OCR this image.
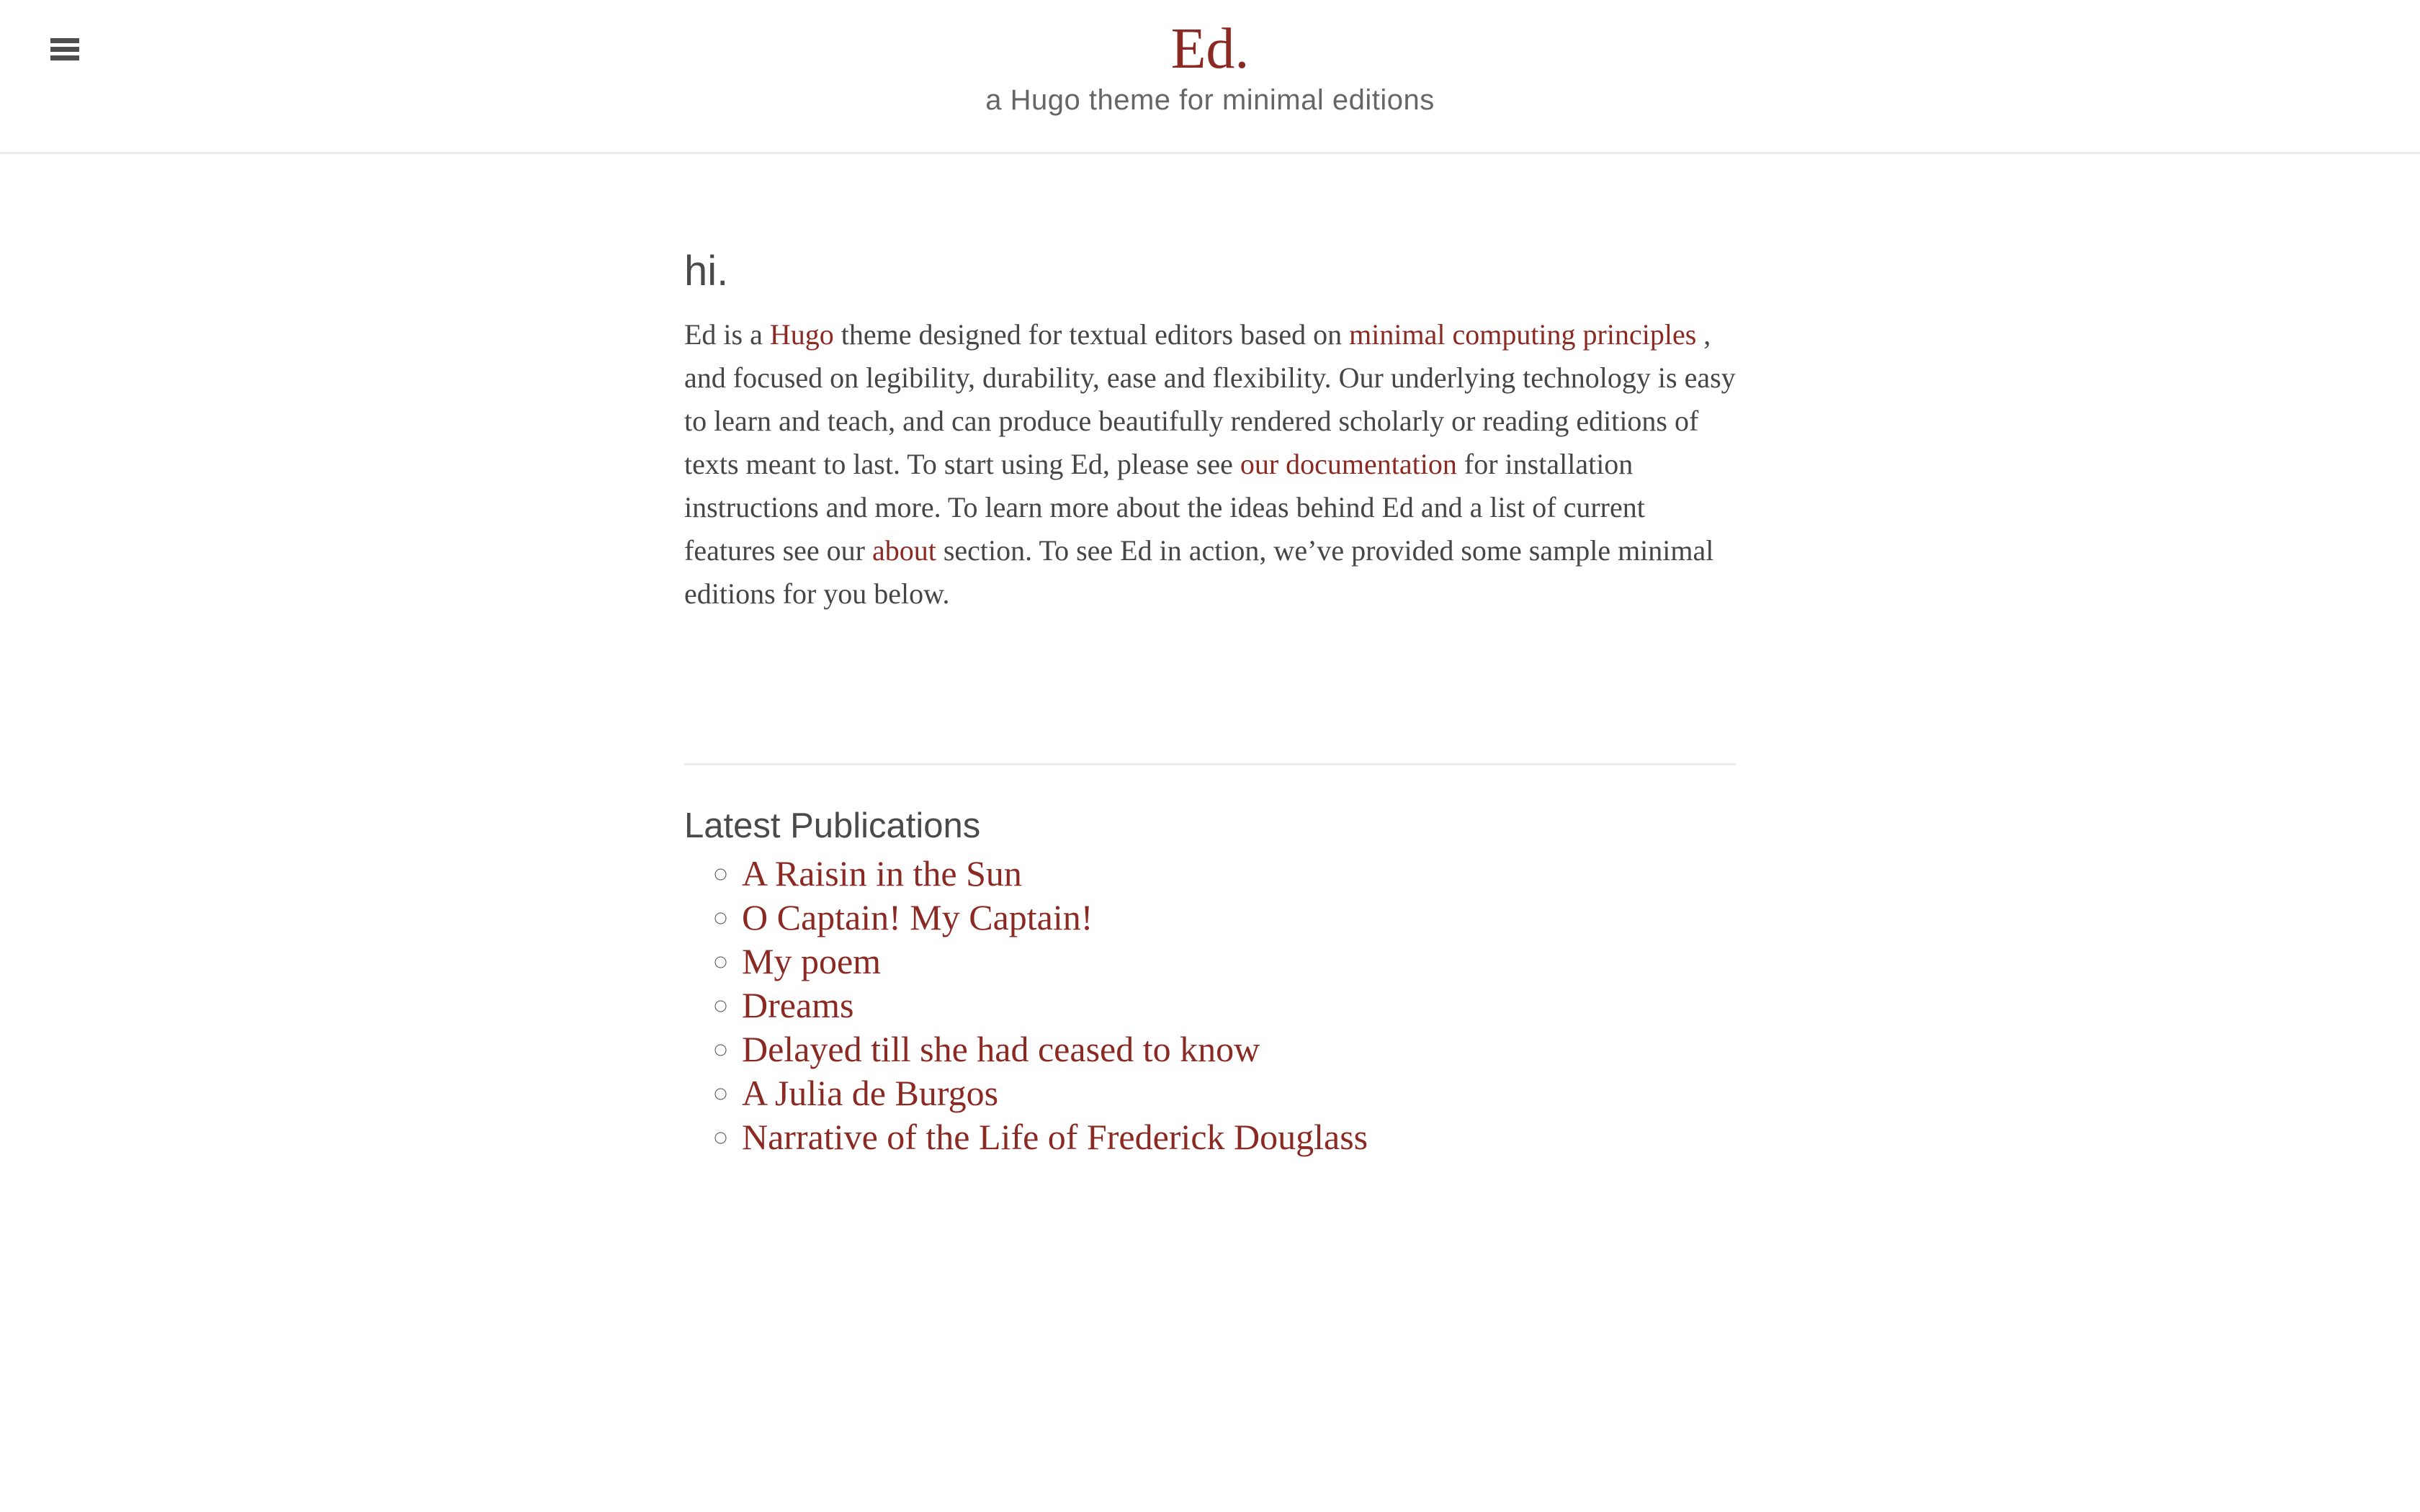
Ed.
a Hugo theme for minimal editions
hi.

Ed is a Hugo theme designed for textual editors based on minimal computing principles , and focused on legibility, durability, ease and flexibility. Our underlying technology is easy to learn and teach, and can produce beautifully rendered scholarly or reading editions of texts meant to last. To start using Ed, please see our documentation for installation instructions and more. To learn more about the ideas behind Ed and a list of current features see our about section. To see Ed in action, we’ve provided some sample minimal editions for you below.

Latest Publications
◦ A Raisin in the Sun
◦ O Captain! My Captain!
◦ My poem
◦ Dreams
◦ Delayed till she had ceased to know
◦ A Julia de Burgos
◦ Narrative of the Life of Frederick Douglass
